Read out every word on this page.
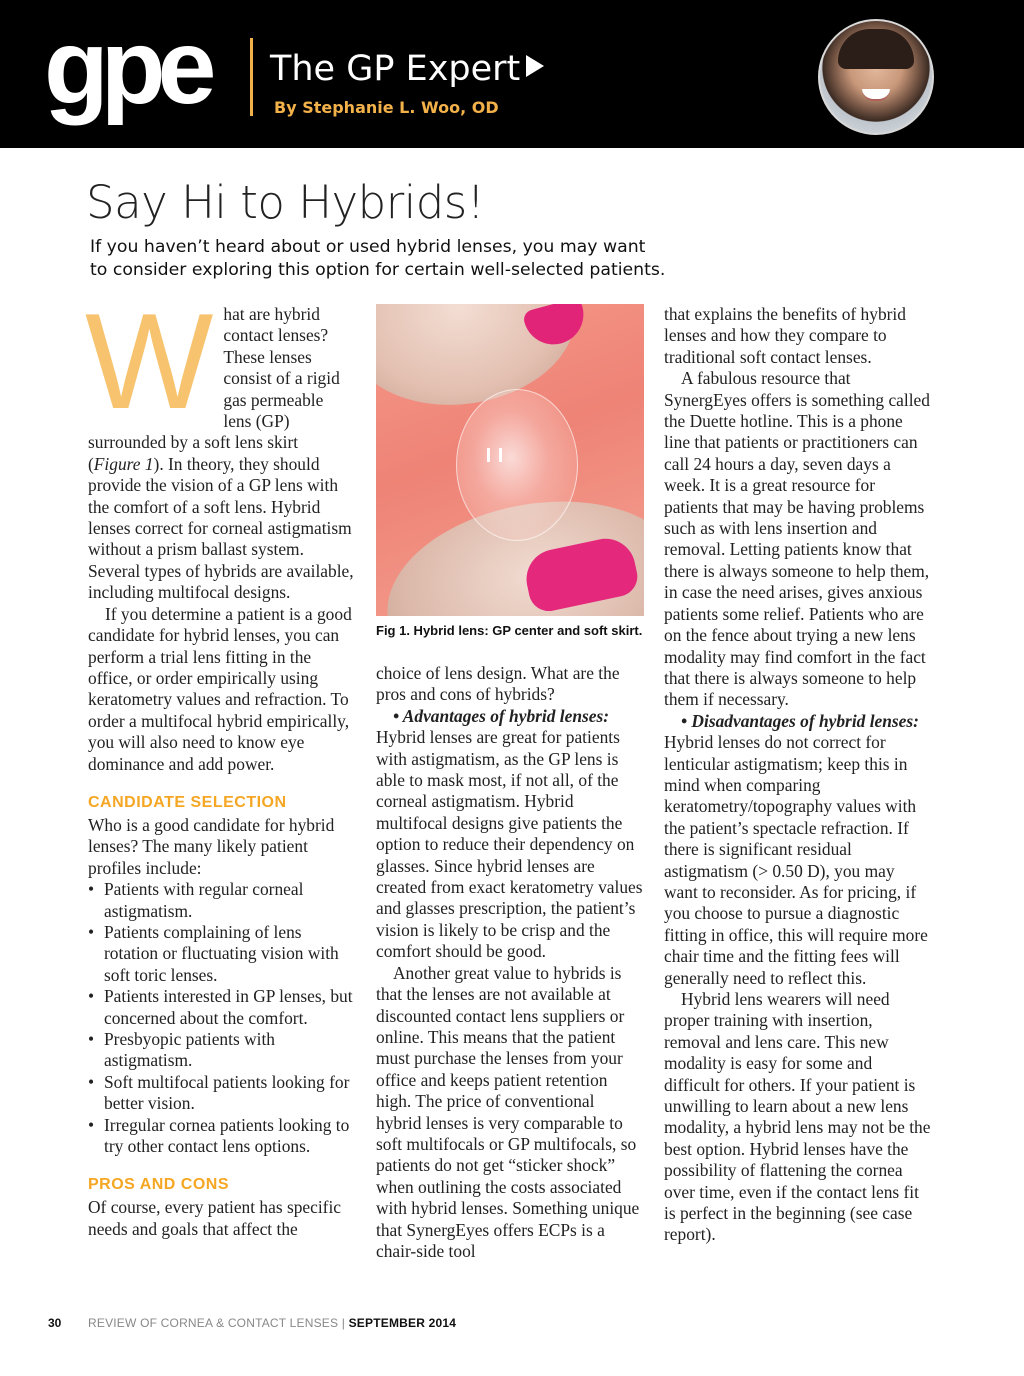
gpe The GP Expert
By Stephanie L. Woo, OD
Say Hi to Hybrids!

If you haven’t heard about or used hybrid lenses, you may want
to consider exploring this option for certain well-selected patients.

What are hybrid contact lenses? These lenses consist of a rigid gas permeable lens (GP) surrounded by a soft lens skirt (Figure 1). In theory, they should provide the vision of a GP lens with the comfort of a soft lens. Hybrid lenses correct for corneal astigmatism without a prism ballast system. Several types of hybrids are available, including multifocal designs.

If you determine a patient is a good candidate for hybrid lenses, you can perform a trial lens fitting in the office, or order empirically using keratometry values and refraction. To order a multifocal hybrid empirically, you will also need to know eye dominance and add power.

CANDIDATE SELECTION

Who is a good candidate for hybrid lenses? The many likely patient profiles include:

• Patients with regular corneal astigmatism.
• Patients complaining of lens rotation or fluctuating vision with soft toric lenses.
• Patients interested in GP lenses, but concerned about the comfort.
• Presbyopic patients with astigmatism.
• Soft multifocal patients looking for better vision.
• Irregular cornea patients looking to try other contact lens options.
PROS AND CONS

Of course, every patient has specific needs and goals that affect the

Fig 1. Hybrid lens: GP center and soft skirt.

choice of lens design. What are the pros and cons of hybrids?

• Advantages of hybrid lenses: Hybrid lenses are great for patients with astigmatism, as the GP lens is able to mask most, if not all, of the corneal astigmatism. Hybrid multifocal designs give patients the option to reduce their dependency on glasses. Since hybrid lenses are created from exact keratometry values and glasses prescription, the patient’s vision is likely to be crisp and the comfort should be good.

Another great value to hybrids is that the lenses are not available at discounted contact lens suppliers or online. This means that the patient must purchase the lenses from your office and keeps patient retention high. The price of conventional hybrid lenses is very comparable to soft multifocals or GP multifocals, so patients do not get “sticker shock” when outlining the costs associated with hybrid lenses. Something unique that SynergEyes offers ECPs is a chair-side tool

that explains the benefits of hybrid lenses and how they compare to traditional soft contact lenses.

A fabulous resource that SynergEyes offers is something called the Duette hotline. This is a phone line that patients or practitioners can call 24 hours a day, seven days a week. It is a great resource for patients that may be having problems such as with lens insertion and removal. Letting patients know that there is always someone to help them, in case the need arises, gives anxious patients some relief. Patients who are on the fence about trying a new lens modality may find comfort in the fact that there is always someone to help them if necessary.

• Disadvantages of hybrid lenses: Hybrid lenses do not correct for lenticular astigmatism; keep this in mind when comparing keratometry/topography values with the patient’s spectacle refraction. If there is significant residual astigmatism (> 0.50 D), you may want to reconsider. As for pricing, if you choose to pursue a diagnostic fitting in office, this will require more chair time and the fitting fees will generally need to reflect this.

Hybrid lens wearers will need proper training with insertion, removal and lens care. This new modality is easy for some and difficult for others. If your patient is unwilling to learn about a new lens modality, a hybrid lens may not be the best option. Hybrid lenses have the possibility of flattening the cornea over time, even if the contact lens fit is perfect in the beginning (see case report).

30 REVIEW OF CORNEA & CONTACT LENSES | SEPTEMBER 2014
